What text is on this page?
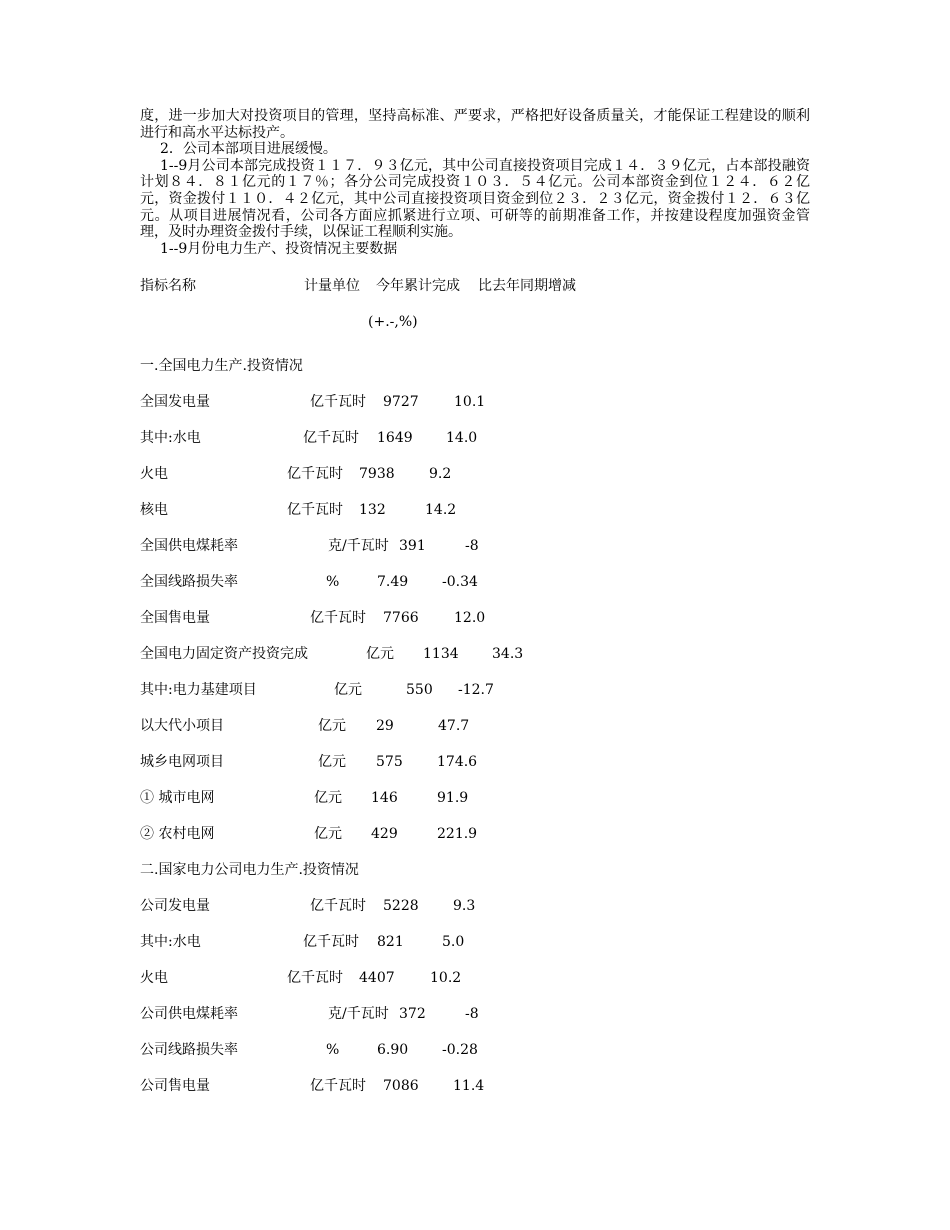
度，进一步加大对投资项目的管理，坚持高标准、严要求，严格把好设备质量关，才能保证工程建设的顺利进行和高水平达标投产。

2．公司本部项目进展缓慢。

1--9月公司本部完成投资１１７．９３亿元，其中公司直接投资项目完成１４．３９亿元，占本部投融资计划８４．８１亿元的１７％；各分公司完成投资１０３．５４亿元。公司本部资金到位１２４．６２亿元，资金拨付１１０．４２亿元，其中公司直接投资项目资金到位２３．２３亿元，资金拨付１２．６３亿元。从项目进展情况看，公司各方面应抓紧进行立项、可研等的前期准备工作，并按建设程度加强资金管理，及时办理资金拨付手续，以保证工程顺利实施。

1--9月份电力生产、投资情况主要数据

指标名称	计量单位 今年累计完成 比去年同期增减
(+.-,%)
一.全国电力生产.投资情况
全国发电量	亿千瓦时 9727	10.1
其中:水电	亿千瓦时 1649 14.0
火电	亿千瓦时 7938 9.2
核电	亿千瓦时 132	14.2
全国供电煤耗率	克/千瓦时 391	-8
全国线路损失率	%	7.49 -0.34
全国售电量	亿千瓦时 7766	12.0
全国电力固定资产投资完成	亿元 1134 34.3
其中:电力基建项目	亿元	550 -12.7
以大代小项目	亿元 29	47.7
城乡电网项目	亿元 575 174.6
① 城市电网	亿元 146	91.9
② 农村电网	亿元 429	221.9
二.国家电力公司电力生产.投资情况
公司发电量	亿千瓦时 5228 9.3
其中:水电	亿千瓦时 821	5.0
火电	亿千瓦时 4407	10.2
公司供电煤耗率	克/千瓦时 372	-8
公司线路损失率	%	6.90 -0.28
公司售电量	亿千瓦时 7086 11.4
